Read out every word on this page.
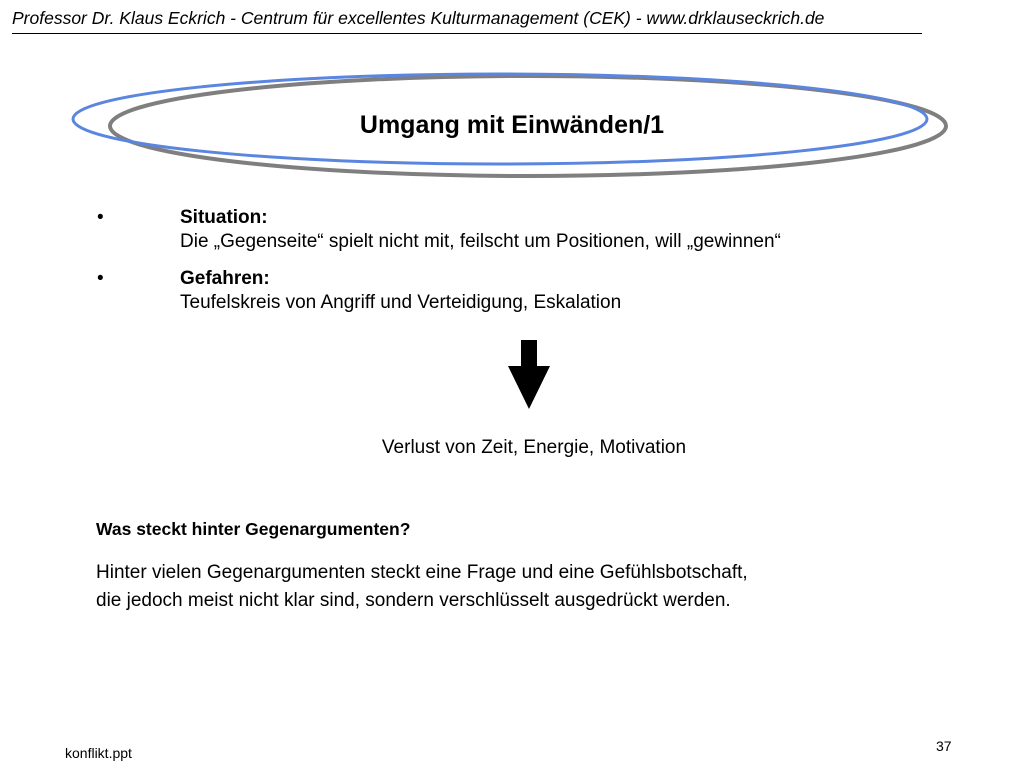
Professor Dr. Klaus Eckrich - Centrum für excellentes Kulturmanagement (CEK) - www.drklauseckrich.de
Umgang mit Einwänden/1
•	Situation:
Die „Gegenseite“ spielt nicht mit, feilscht um Positionen, will „gewinnen“
•	Gefahren:
Teufelskreis von Angriff und Verteidigung, Eskalation
Verlust von Zeit, Energie, Motivation
Was steckt hinter Gegenargumenten?
Hinter vielen Gegenargumenten steckt eine Frage und eine Gefühlsbotschaft,
die jedoch meist nicht klar sind, sondern verschlüsselt ausgedrückt werden.
konflikt.ppt	37
